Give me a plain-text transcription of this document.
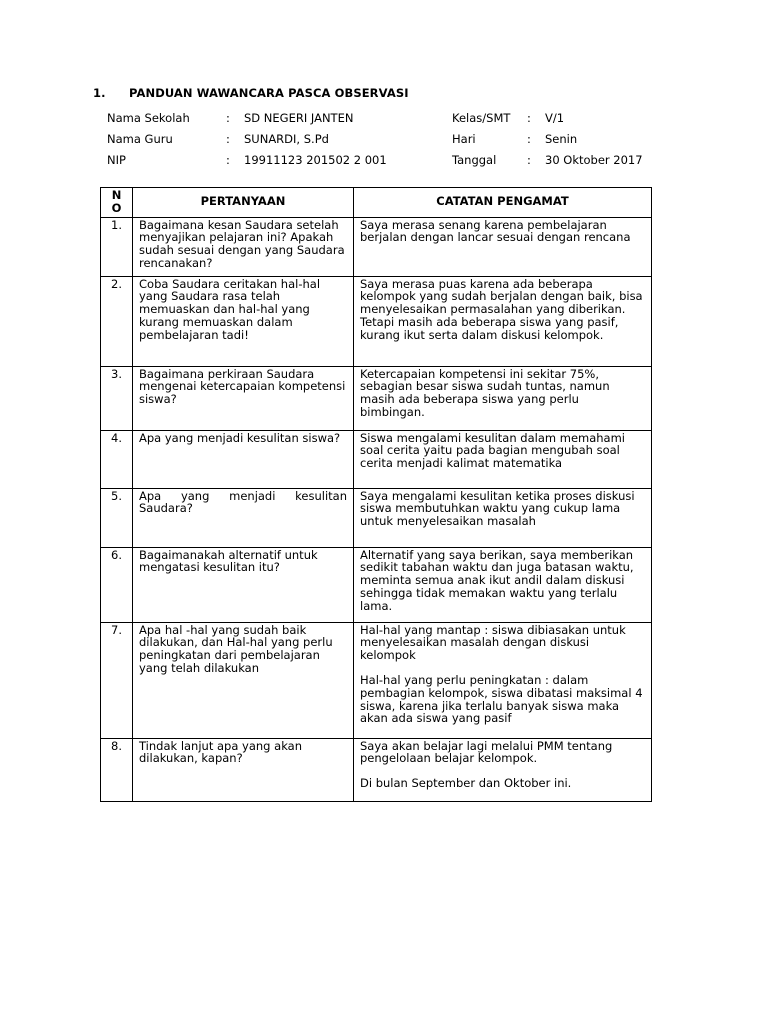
1. PANDUAN WAWANCARA PASCA OBSERVASI
Nama Sekolah	: SD NEGERI JANTEN	Kelas/SMT : V/1
Nama Guru	: SUNARDI, S.Pd	Hari	: Senin
NIP	: 19911123 201502 2 001	Tanggal	: 30 Oktober 2017
N
O	PERTANYAAN	CATATAN PENGAMAT
1.	Bagaimana kesan Saudara setelah menyajikan pelajaran ini? Apakah sudah sesuai dengan yang Saudara rencanakan?	Saya merasa senang karena pembelajaran berjalan dengan lancar sesuai dengan rencana

2.	Coba Saudara ceritakan hal-hal yang Saudara rasa telah memuaskan dan hal-hal yang kurang memuaskan dalam pembelajaran tadi!	Saya merasa puas karena ada beberapa kelompok yang sudah berjalan dengan baik, bisa menyelesaikan permasalahan yang diberikan. Tetapi masih ada beberapa siswa yang pasif, kurang ikut serta dalam diskusi kelompok.

3.	Bagaimana perkiraan Saudara mengenai ketercapaian kompetensi siswa?	Ketercapaian kompetensi ini sekitar 75%, sebagian besar siswa sudah tuntas, namun masih ada beberapa siswa yang perlu bimbingan.

4.	Apa yang menjadi kesulitan siswa?	Siswa mengalami kesulitan dalam memahami soal cerita yaitu pada bagian mengubah soal cerita menjadi kalimat matematika

5.	Apa yang menjadi kesulitan Saudara?	Saya mengalami kesulitan ketika proses diskusi siswa membutuhkan waktu yang cukup lama untuk menyelesaikan masalah

6.	Bagaimanakah alternatif untuk mengatasi kesulitan itu?	Alternatif yang saya berikan, saya memberikan sedikit tabahan waktu dan juga batasan waktu, meminta semua anak ikut andil dalam diskusi sehingga tidak memakan waktu yang terlalu lama.

7.	Apa hal -hal yang sudah baik dilakukan, dan Hal-hal yang perlu peningkatan dari pembelajaran yang telah dilakukan	Hal-hal yang mantap : siswa dibiasakan untuk menyelesaikan masalah dengan diskusi kelompok

Hal-hal yang perlu peningkatan : dalam pembagian kelompok, siswa dibatasi maksimal 4 siswa, karena jika terlalu banyak siswa maka akan ada siswa yang pasif

8.	Tindak lanjut apa yang akan dilakukan, kapan?	Saya akan belajar lagi melalui PMM tentang pengelolaan belajar kelompok.

Di bulan September dan Oktober ini.
